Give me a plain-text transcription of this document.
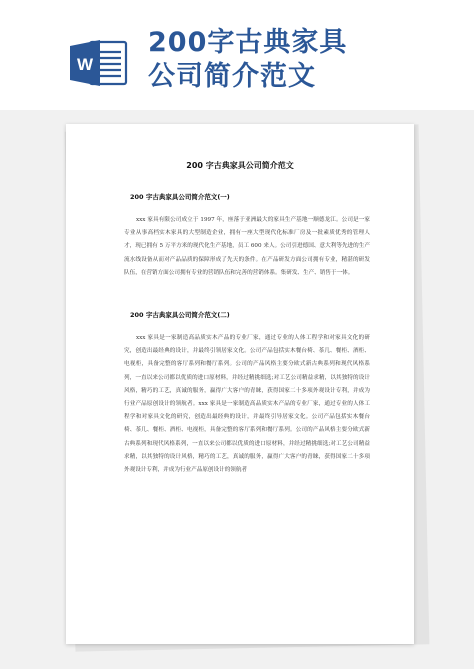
W
200字古典家具
公司简介范文
200 字古典家具公司简介范文
200 字古典家具公司简介范文(一)
xxx 家具有限公司成立于 1997 年，座落于亚洲最大的家具生产基地一顺德龙江。公司是一家专业从事高档实木家具的大型制造企业，拥有一座大型现代化标准厂房及一批素质优秀的管理人才，现已拥有 5 万平方米的现代化生产基地，员工 600 来人。公司引进德国、意大利等先进的生产流水线设备从而对产品品质的保障形成了先天的条件。在产品研发方面公司拥有专业，精湛的研发队伍，在营销方面公司拥有专业的营销队伍和完善的营销体系。集研发、生产、销售于一体。
200 字古典家具公司简介范文(二)
xxx 家具是一家制造高品质实木产品的专业厂家，通过专业的人体工程学和对家具文化的研究，创造出最经典的设计，并最终引领居家文化。公司产品包括实木餐台椅、茶几、餐柜、酒柜、电视柜，具备完整的客厅系列和餐厅系列。公司的产品风格主要分欧式新古典系列和现代风格系列，一直以来公司都以优质的进口原材料，并经过精挑细选;对工艺公司精益求精，以其独特的设计风格，精巧的工艺，真诚的服务，赢得广大客户的青睐，获得国家二十多项外观设计专利，并成为行业产品原创设计的领航者。xxx 家具是一家制造高品质实木产品的专业厂家，通过专业的人体工程学和对家具文化的研究，创造出最经典的设计，并最终引导居家文化。公司产品包括实木餐台椅、茶几、餐柜、酒柜、电视柜，具备完整的客厅系列和餐厅系列。公司的产品风格主要分欧式新古典系列和现代风格系列，一直以来公司都以优质的进口原材料，并经过精挑细选;对工艺公司精益求精，以其独特的设计风格，精巧的工艺，真诚的服务，赢得广大客户的青睐，获得国家二十多项外观设计专利，并成为行业产品原创设计的领航者
